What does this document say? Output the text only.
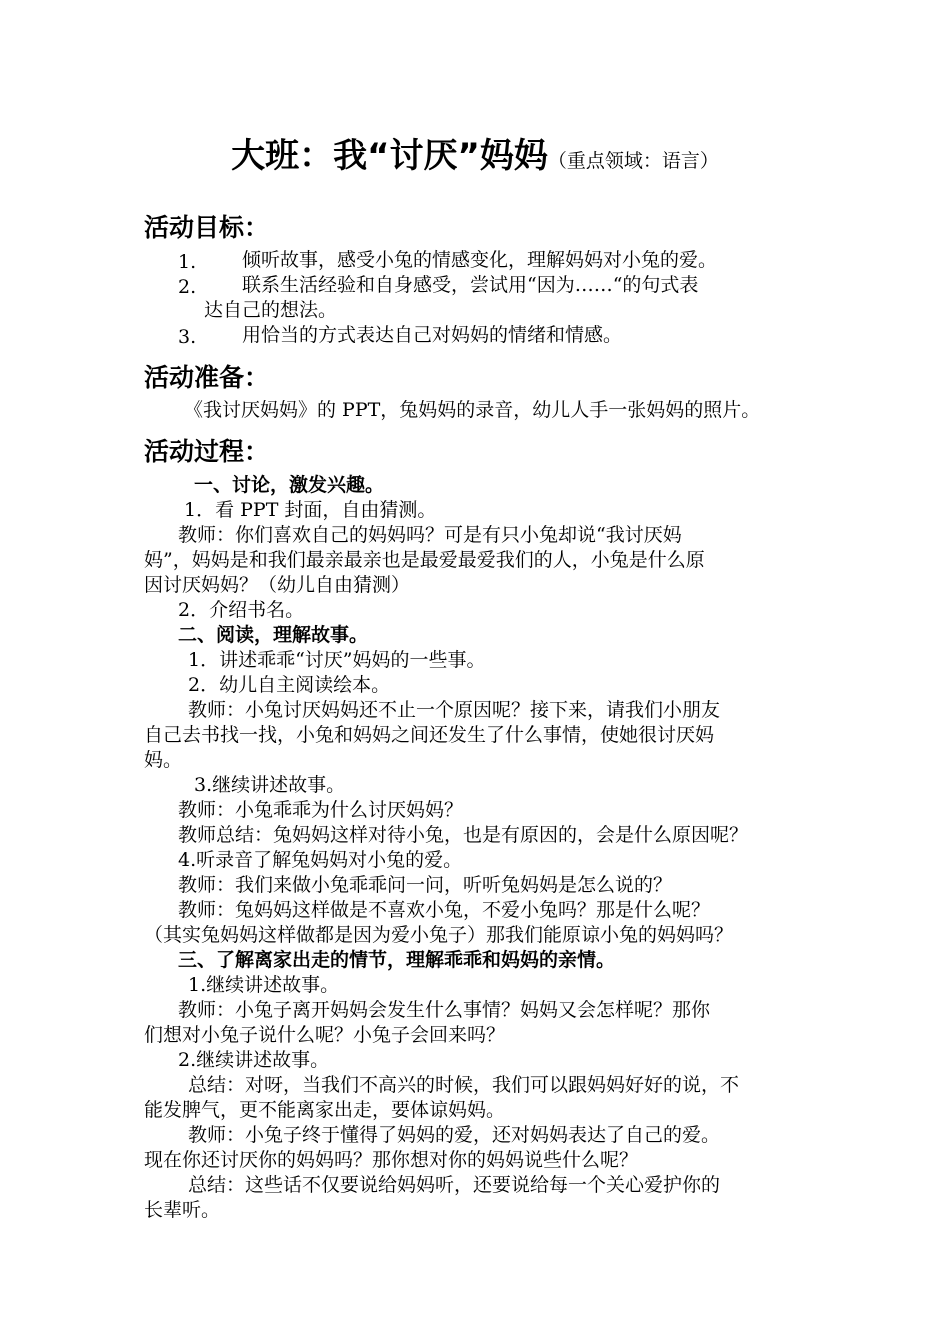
大班：我“讨厌”妈妈（重点领域：语言）
活动目标：
1. 倾听故事，感受小兔的情感变化，理解妈妈对小兔的爱。
2. 联系生活经验和自身感受，尝试用“因为……“的句式表
达自己的想法。
3. 用恰当的方式表达自己对妈妈的情绪和情感。
活动准备：
《我讨厌妈妈》的 PPT，兔妈妈的录音，幼儿人手一张妈妈的照片。
活动过程：
一、讨论，激发兴趣。
1．看 PPT 封面，自由猜测。
教师：你们喜欢自己的妈妈吗？可是有只小兔却说“我讨厌妈
妈”，妈妈是和我们最亲最亲也是最爱最爱我们的人，小兔是什么原
因讨厌妈妈？（幼儿自由猜测）
2．介绍书名。
二、阅读，理解故事。
1．讲述乖乖“讨厌”妈妈的一些事。
2．幼儿自主阅读绘本。
教师：小兔讨厌妈妈还不止一个原因呢？接下来，请我们小朋友
自己去书找一找，小兔和妈妈之间还发生了什么事情，使她很讨厌妈
妈。
3.继续讲述故事。
教师：小兔乖乖为什么讨厌妈妈？
教师总结：兔妈妈这样对待小兔，也是有原因的，会是什么原因呢？
4.听录音了解兔妈妈对小兔的爱。
教师：我们来做小兔乖乖问一问，听听兔妈妈是怎么说的？
教师：兔妈妈这样做是不喜欢小兔，不爱小兔吗？那是什么呢？
（其实兔妈妈这样做都是因为爱小兔子）那我们能原谅小兔的妈妈吗？
三、了解离家出走的情节，理解乖乖和妈妈的亲情。
1.继续讲述故事。
教师：小兔子离开妈妈会发生什么事情？妈妈又会怎样呢？那你
们想对小兔子说什么呢？小兔子会回来吗？
2.继续讲述故事。
总结：对呀，当我们不高兴的时候，我们可以跟妈妈好好的说，不
能发脾气，更不能离家出走，要体谅妈妈。
教师：小兔子终于懂得了妈妈的爱，还对妈妈表达了自己的爱。
现在你还讨厌你的妈妈吗？那你想对你的妈妈说些什么呢？
总结：这些话不仅要说给妈妈听，还要说给每一个关心爱护你的
长辈听。
